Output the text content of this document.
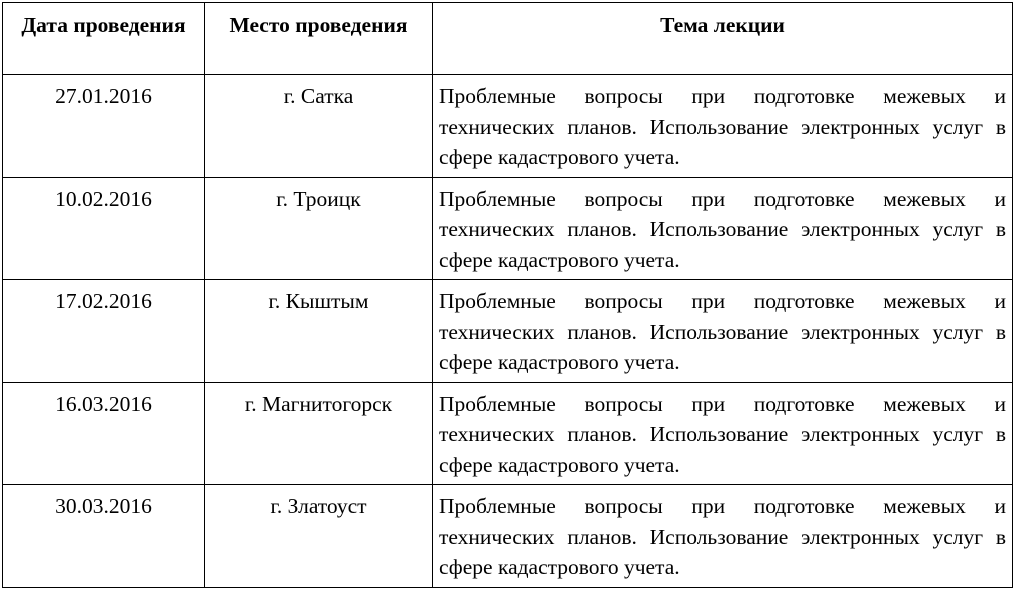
Дата проведения	Место проведения	Тема лекции
27.01.2016	г. Сатка	Проблемные вопросы при подготовке межевых и технических планов. Использование электронных услуг в сфере кадастрового учета.
10.02.2016	г. Троицк	Проблемные вопросы при подготовке межевых и технических планов. Использование электронных услуг в сфере кадастрового учета.
17.02.2016	г. Кыштым	Проблемные вопросы при подготовке межевых и технических планов. Использование электронных услуг в сфере кадастрового учета.
16.03.2016	г. Магнитогорск	Проблемные вопросы при подготовке межевых и технических планов. Использование электронных услуг в сфере кадастрового учета.
30.03.2016	г. Златоуст	Проблемные вопросы при подготовке межевых и технических планов. Использование электронных услуг в сфере кадастрового учета.
